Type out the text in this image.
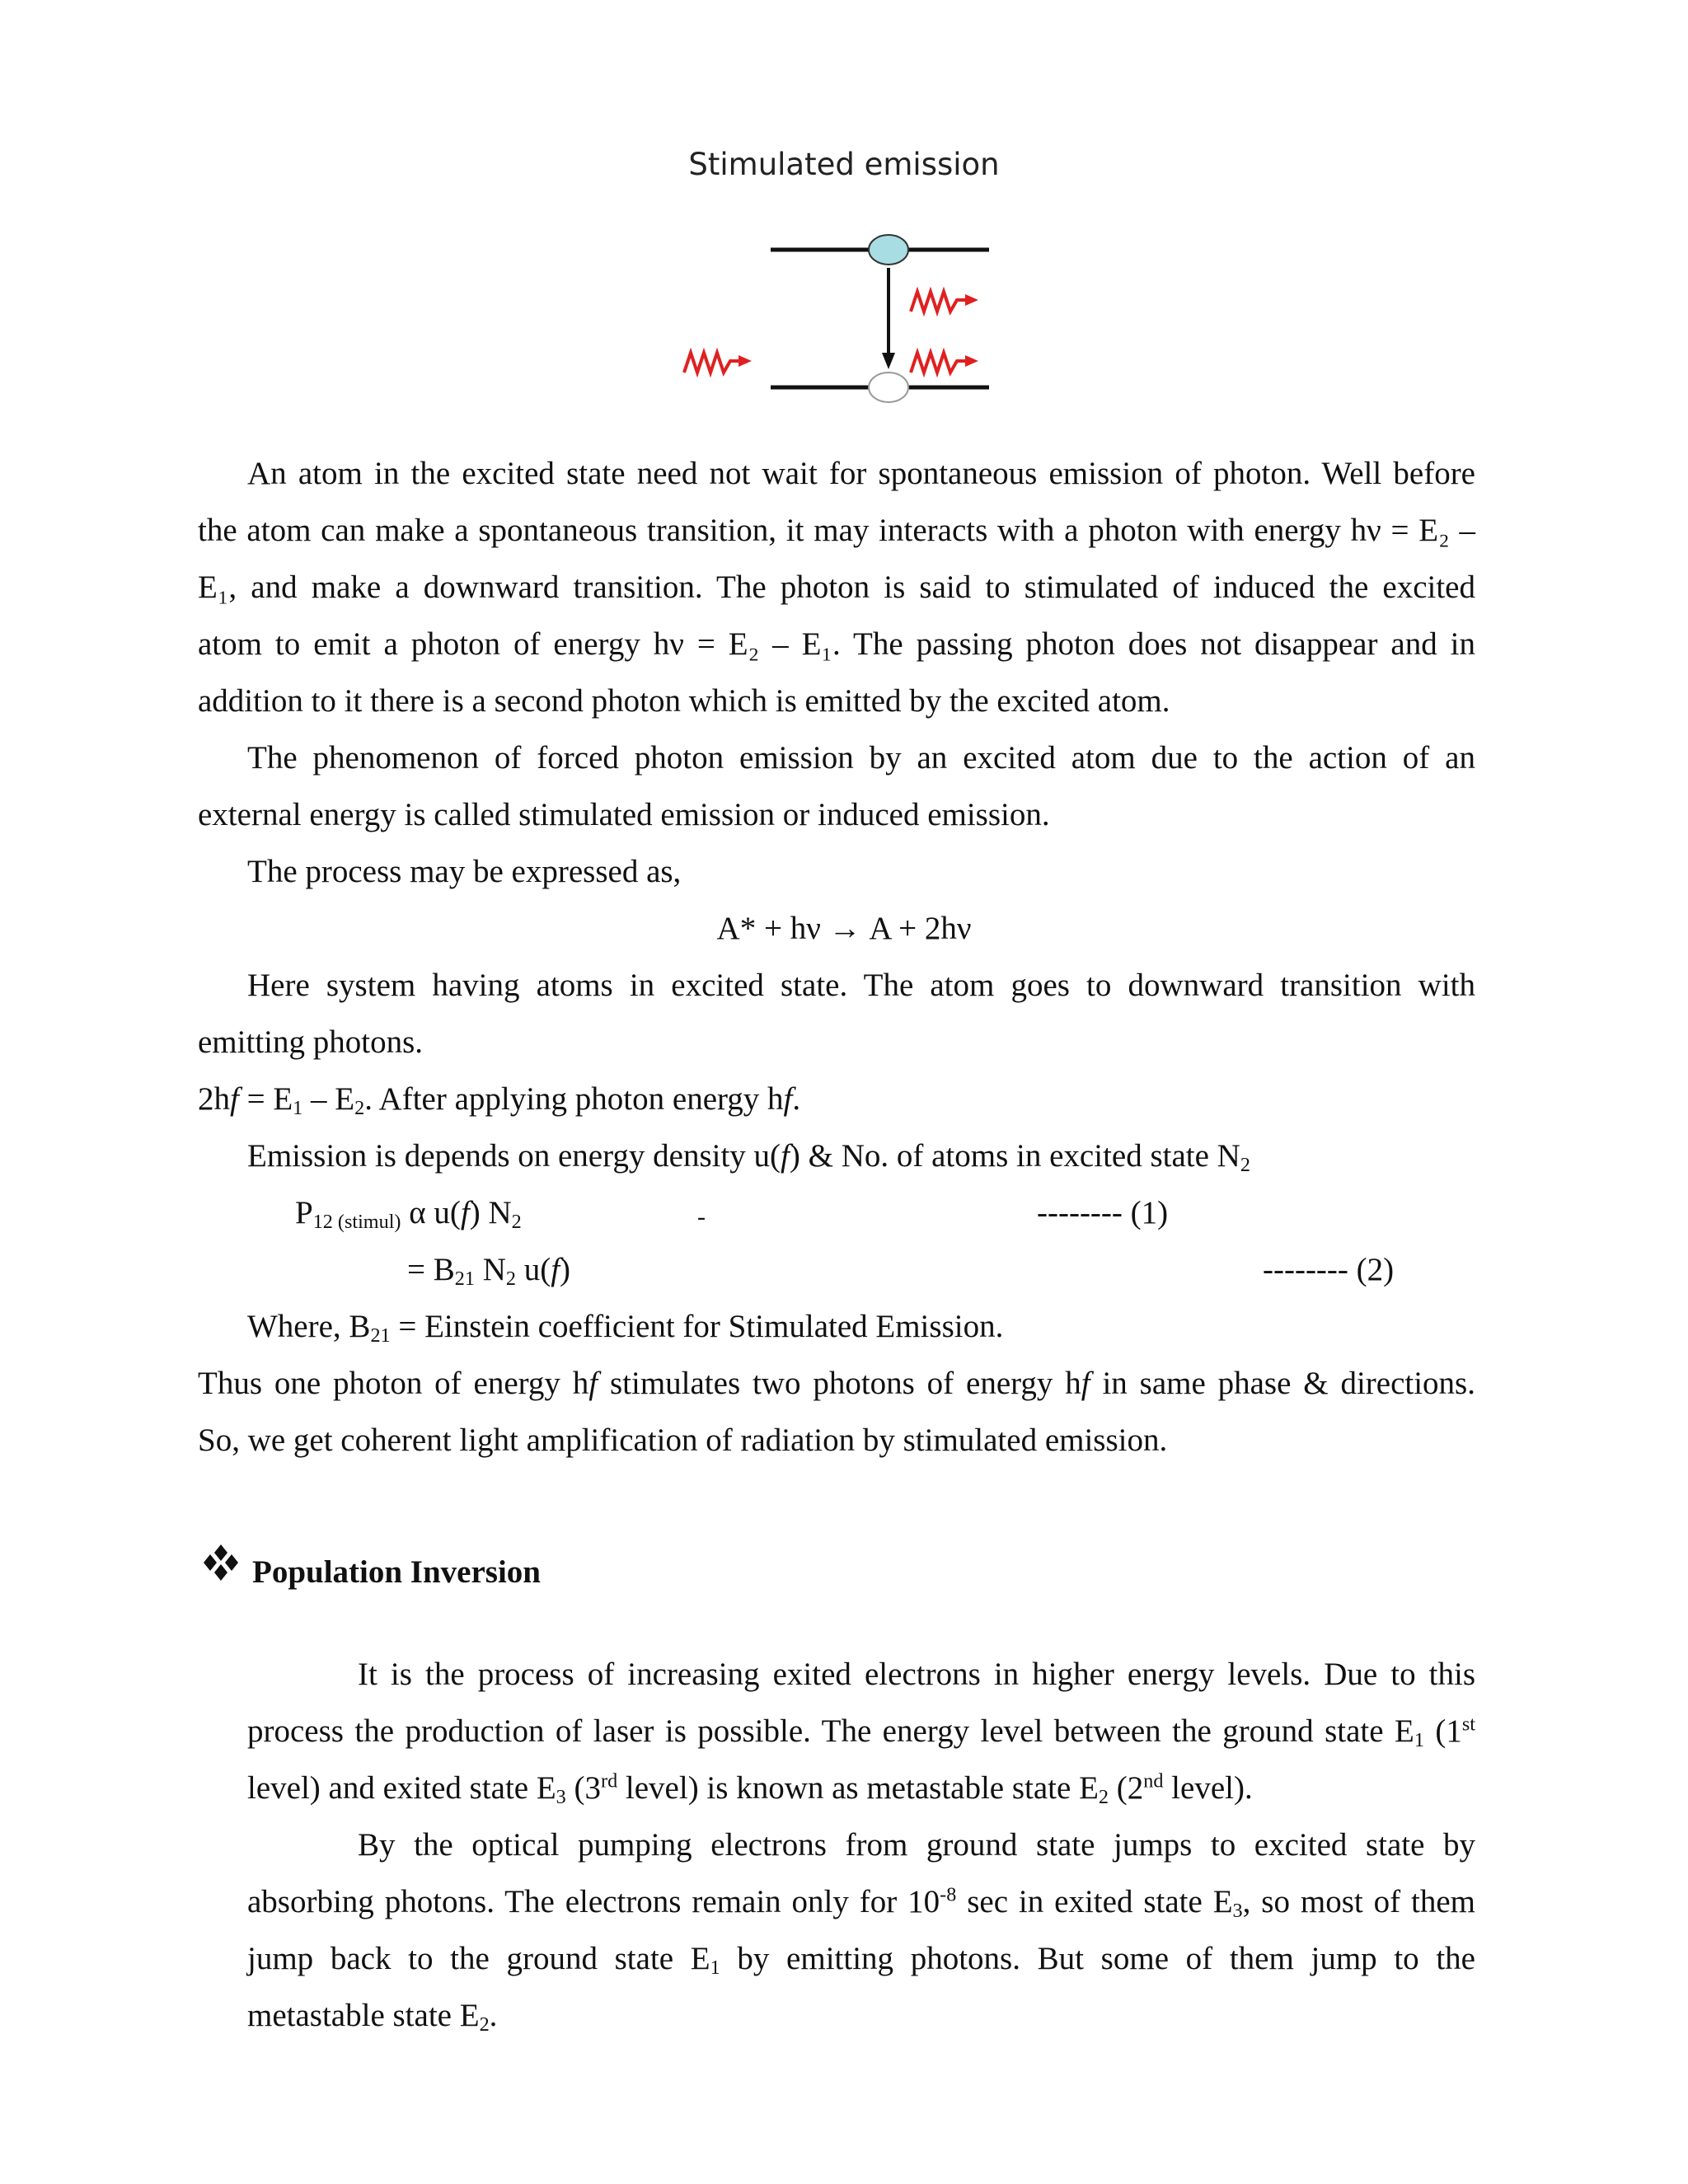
Stimulated emission
An atom in the excited state need not wait for spontaneous emission of photon. Well before
the atom can make a spontaneous transition, it may interacts with a photon with energy hν = E₂ –
E₁, and make a downward transition. The photon is said to stimulated of induced the excited
atom to emit a photon of energy hν = E₂ – E₁. The passing photon does not disappear and in
addition to it there is a second photon which is emitted by the excited atom.
The phenomenon of forced photon emission by an excited atom due to the action of an
external energy is called stimulated emission or induced emission.
The process may be expressed as,
A* + hν → A + 2hν
Here system having atoms in excited state. The atom goes to downward transition with
emitting photons.
$2hf = E_1 - E_2$. After applying photon energy hf.
Emission is depends on energy density u(f) & No. of atoms in excited state $N_2$
$P_{12 (stimul)}$ α u(f) $N_2$	-	-------- (1)
= $B_{21}$ $N_2$ u(f)	-------- (2)
Where, $B_{21}$ = Einstein coefficient for Stimulated Emission.
Thus one photon of energy hf stimulates two photons of energy hf in same phase & directions.
So, we get coherent light amplification of radiation by stimulated emission.
Population Inversion
It is the process of increasing exited electrons in higher energy levels. Due to this
process the production of laser is possible. The energy level between the ground state $E_1$ (1st
level) and exited state $E_3$ (3rd level) is known as metastable state $E_2$ (2nd level).
By the optical pumping electrons from ground state jumps to excited state by
absorbing photons. The electrons remain only for $10^{-8}$ sec in exited state $E_3$, so most of them
jump back to the ground state $E_1$ by emitting photons. But some of them jump to the
metastable state $E_2$.
